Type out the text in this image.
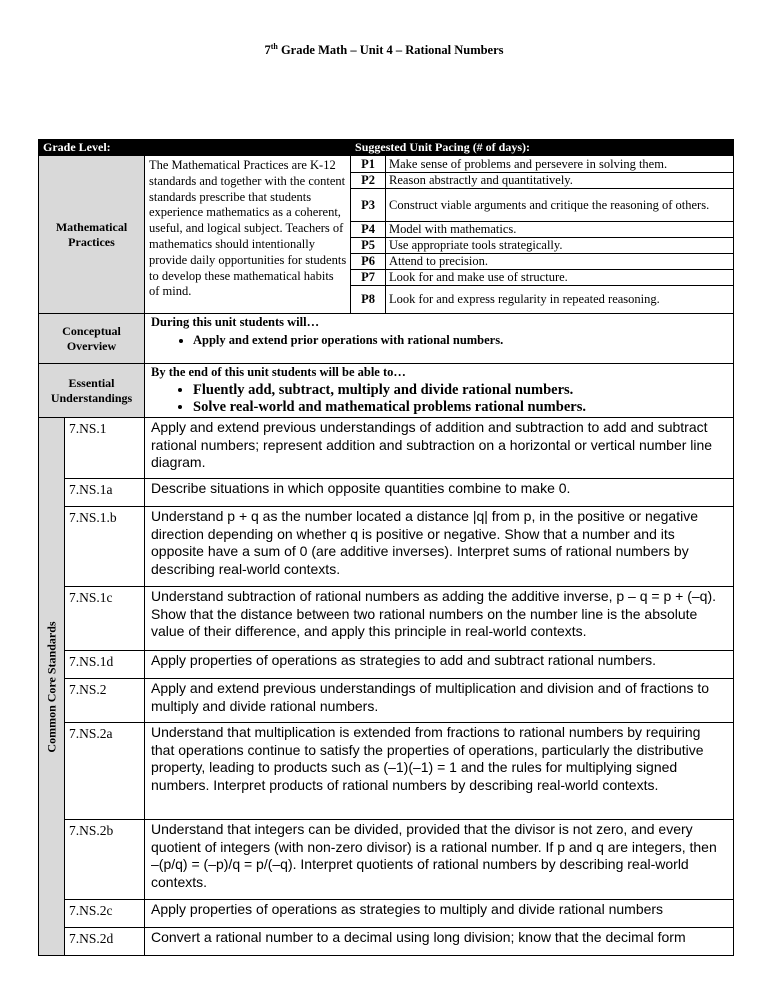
7th Grade Math – Unit 4 – Rational Numbers
Grade Level:	Suggested Unit Pacing (# of days):
Mathematical Practices	The Mathematical Practices are K-12 standards and together with the content standards prescribe that students experience mathematics as a coherent, useful, and logical subject. Teachers of mathematics should intentionally provide daily opportunities for students to develop these mathematical habits of mind.	
P1	Make sense of problems and persevere in solving them.
P2	Reason abstractly and quantitatively.
P3	Construct viable arguments and critique the reasoning of others.
P4	Model with mathematics.
P5	Use appropriate tools strategically.
P6	Attend to precision.
P7	Look for and make use of structure.
P8	Look for and express regularity in repeated reasoning.

Conceptual Overview	
During this unit students will…
• Apply and extend prior operations with rational numbers.

Essential Understandings	
By the end of this unit students will be able to…
• Fluently add, subtract, multiply and divide rational numbers.
• Solve real-world and mathematical problems rational numbers.

Common Core Standards
	7.NS.1	Apply and extend previous understandings of addition and subtraction to add and subtract rational numbers; represent addition and subtraction on a horizontal or vertical number line diagram.
7.NS.1a	Describe situations in which opposite quantities combine to make 0.
7.NS.1.b	Understand p + q as the number located a distance |q| from p, in the positive or negative direction depending on whether q is positive or negative. Show that a number and its opposite have a sum of 0 (are additive inverses). Interpret sums of rational numbers by describing real-world contexts.
7.NS.1c	Understand subtraction of rational numbers as adding the additive inverse, p – q = p + (–q). Show that the distance between two rational numbers on the number line is the absolute value of their difference, and apply this principle in real-world contexts.
7.NS.1d	Apply properties of operations as strategies to add and subtract rational numbers.
7.NS.2	Apply and extend previous understandings of multiplication and division and of fractions to multiply and divide rational numbers.
7.NS.2a	Understand that multiplication is extended from fractions to rational numbers by requiring that operations continue to satisfy the properties of operations, particularly the distributive property, leading to products such as (–1)(–1) = 1 and the rules for multiplying signed numbers. Interpret products of rational numbers by describing real-world contexts.
7.NS.2b	Understand that integers can be divided, provided that the divisor is not zero, and every quotient of integers (with non-zero divisor) is a rational number. If p and q are integers, then –(p/q) = (–p)/q = p/(–q). Interpret quotients of rational numbers by describing real-world contexts.
7.NS.2c	Apply properties of operations as strategies to multiply and divide rational numbers
7.NS.2d	Convert a rational number to a decimal using long division; know that the decimal form
